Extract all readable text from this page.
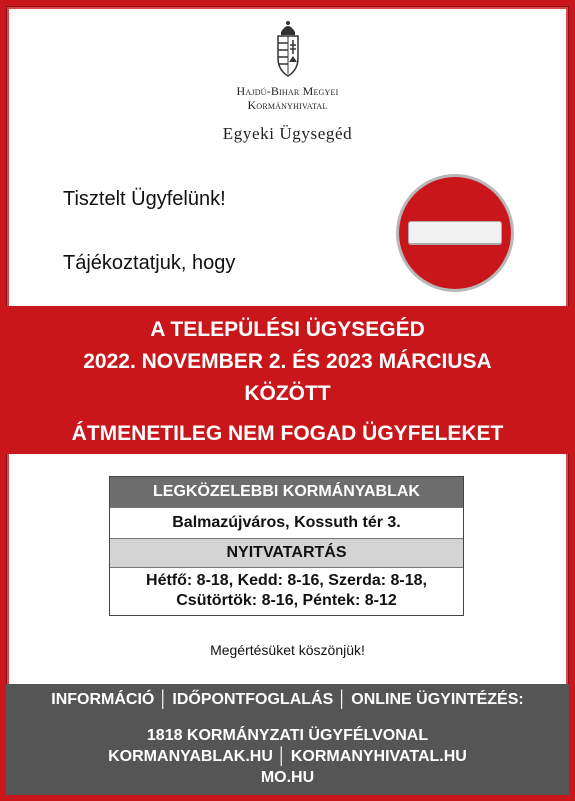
Hajdú-Bihar Megyei
Kormányhivatal
Egyeki Ügysegéd
Tisztelt Ügyfelünk!
Tájékoztatjuk, hogy
A TELEPÜLÉSI ÜGYSEGÉD
2022. NOVEMBER 2. ÉS 2023 MÁRCIUSA
KÖZÖTT
ÁTMENETILEG NEM FOGAD ÜGYFELEKET
LEGKÖZELEBBI KORMÁNYABLAK
Balmazújváros, Kossuth tér 3.
NYITVATARTÁS
Hétfő: 8-18, Kedd: 8-16, Szerda: 8-18,
Csütörtök: 8-16, Péntek: 8-12
Megértésüket köszönjük!
INFORMÁCIÓ │ IDŐPONTFOGLALÁS │ ONLINE ÜGYINTÉZÉS:
1818 KORMÁNYZATI ÜGYFÉLVONAL
KORMANYABLAK.HU │ KORMANYHIVATAL.HU
MO.HU
